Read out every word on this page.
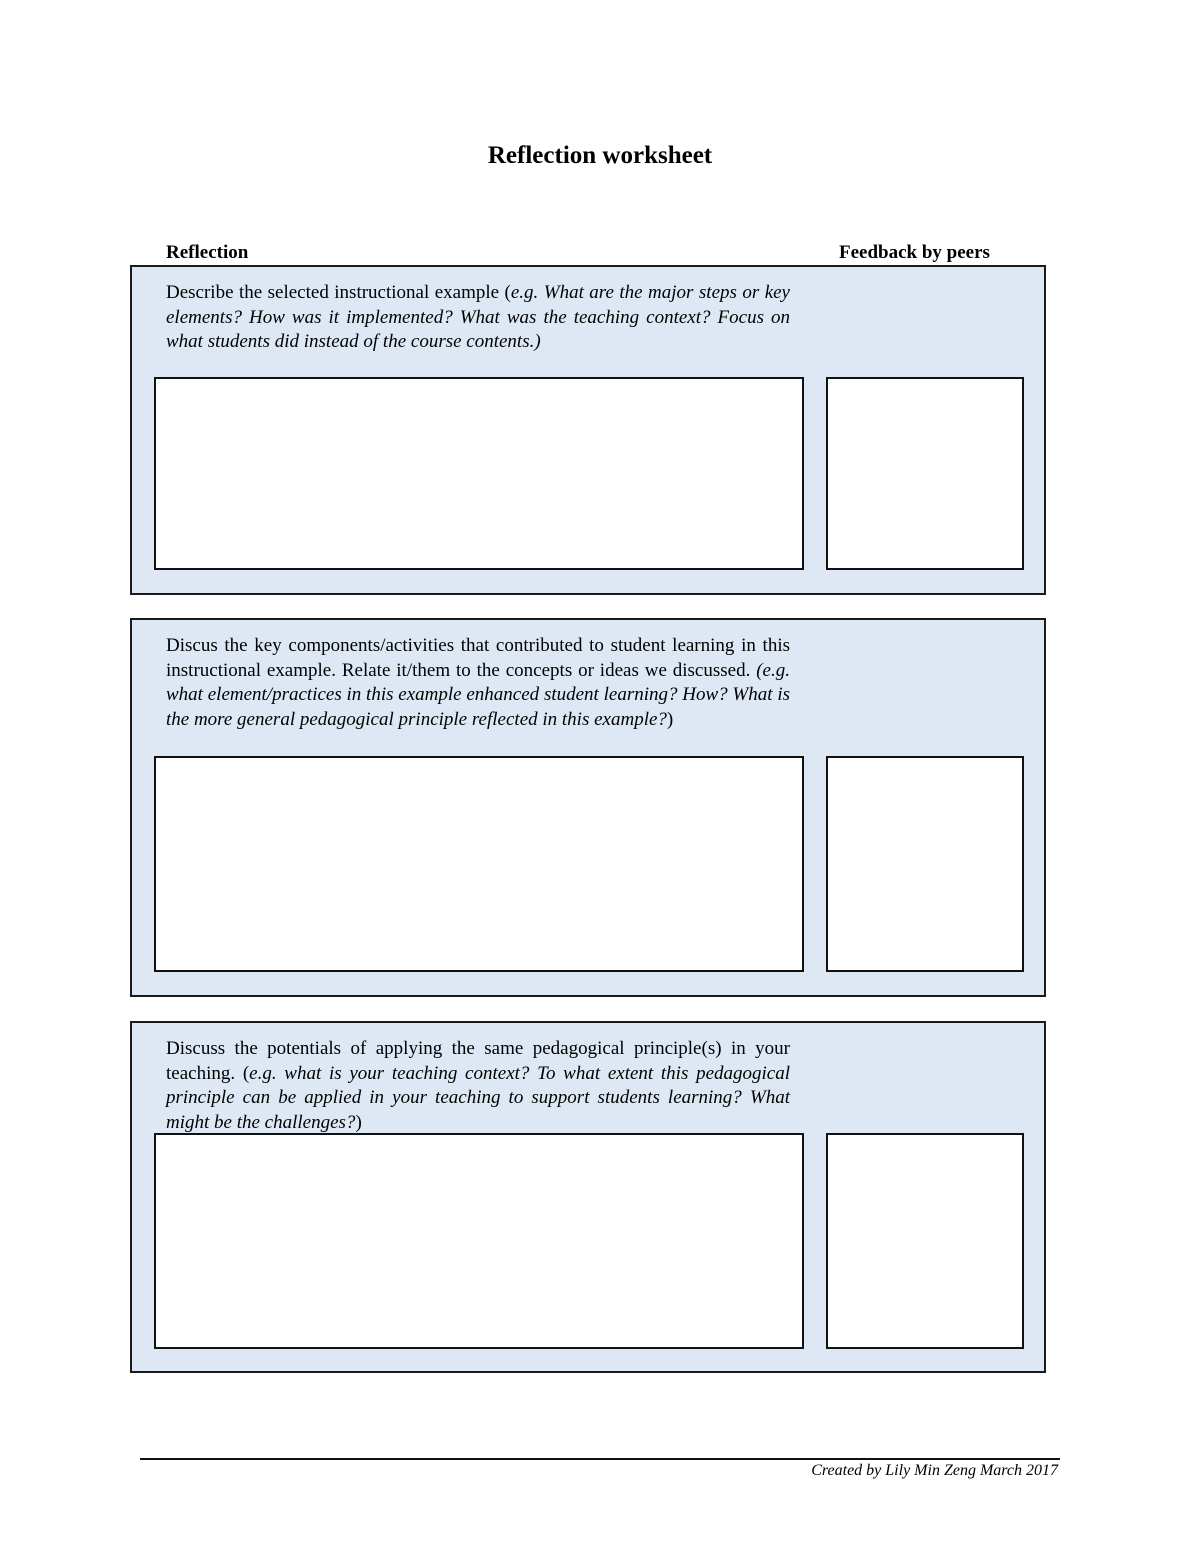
Reflection worksheet
Reflection	Feedback by peers
Describe the selected instructional example (e.g. What are the major steps or key elements? How was it implemented? What was the teaching context? Focus on what students did instead of the course contents.)
Discus the key components/activities that contributed to student learning in this instructional example. Relate it/them to the concepts or ideas we discussed. (e.g. what element/practices in this example enhanced student learning? How? What is the more general pedagogical principle reflected in this example?)
Discuss the potentials of applying the same pedagogical principle(s) in your teaching. (e.g. what is your teaching context? To what extent this pedagogical principle can be applied in your teaching to support students learning? What might be the challenges?)
Created by Lily Min Zeng March 2017
